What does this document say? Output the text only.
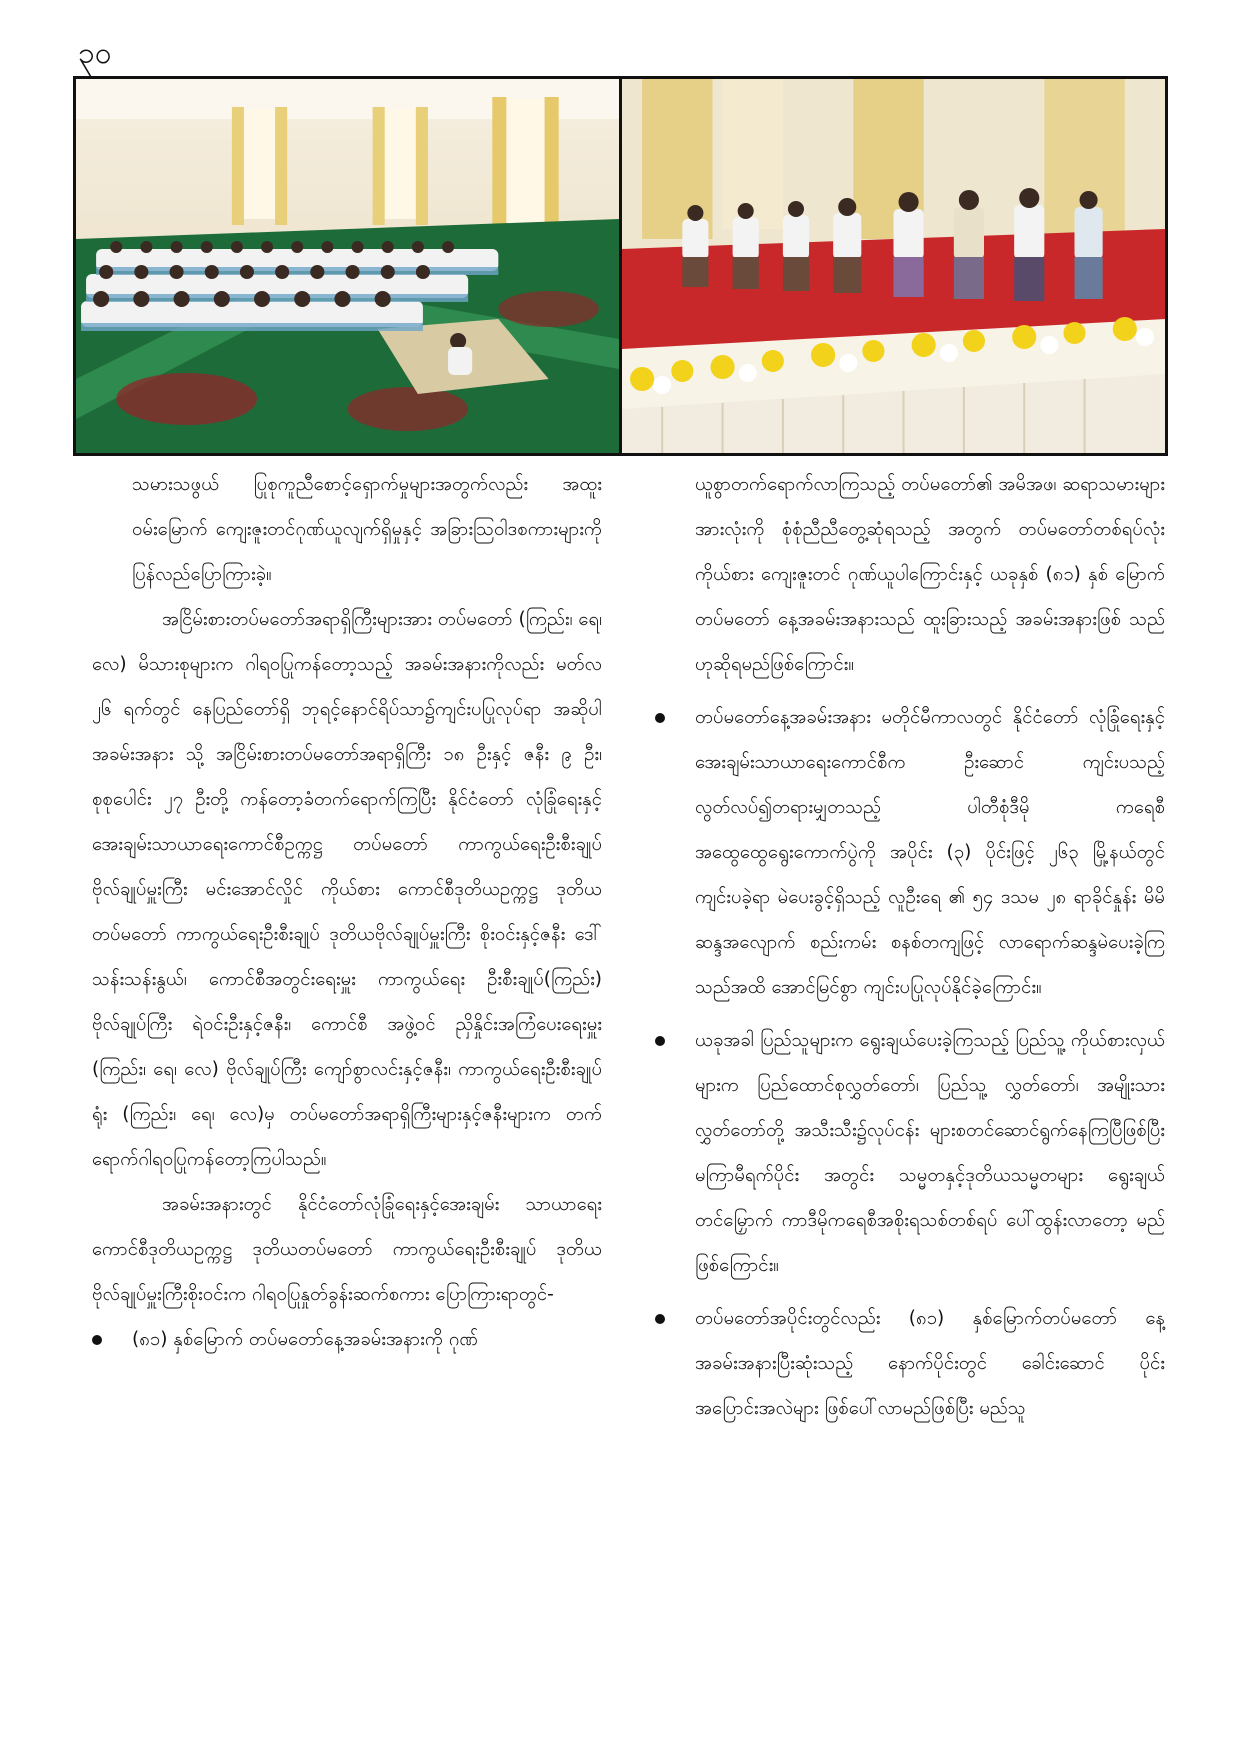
၃၀

သမားသဖွယ် ပြုစုကူညီစောင့်ရှောက်မှုများအတွက်လည်း အထူးဝမ်းမြောက် ကျေးဇူးတင်ဂုဏ်ယူလျက်ရှိမှုနှင့် အခြားသြဝါဒစကားများကို ပြန်လည်ပြောကြားခဲ့။

အငြိမ်းစားတပ်မတော်အရာရှိကြီးများအား တပ်မတော် (ကြည်း၊ ရေ၊ လေ) မိသားစုများက ဂါရဝပြုကန်တော့သည့် အခမ်းအနားကိုလည်း မတ်လ ၂၆ ရက်တွင် နေပြည်တော်ရှိ ဘုရင့်နောင်ရိပ်သာ၌ကျင်းပပြုလုပ်ရာ အဆိုပါအခမ်းအနား သို့ အငြိမ်းစားတပ်မတော်အရာရှိကြီး ၁၈ ဦးနှင့် ဇနီး ၉ ဦး၊ စုစုပေါင်း ၂၇ ဦးတို့ ကန်တော့ခံတက်ရောက်ကြပြီး နိုင်ငံတော် လုံခြုံရေးနှင့်အေးချမ်းသာယာရေးကောင်စီဥက္ကဋ္ဌ တပ်မတော် ကာကွယ်ရေးဦးစီးချုပ် ဗိုလ်ချုပ်မှူးကြီး မင်းအောင်လှိုင် ကိုယ်စား ကောင်စီဒုတိယဥက္ကဋ္ဌ ဒုတိယတပ်မတော် ကာကွယ်ရေးဦးစီးချုပ် ဒုတိယဗိုလ်ချုပ်မှူးကြီး စိုးဝင်းနှင့်ဇနီး ဒေါ်သန်းသန်းနွယ်၊ ကောင်စီအတွင်းရေးမှူး ကာကွယ်ရေး ဦးစီးချုပ်(ကြည်း) ဗိုလ်ချုပ်ကြီး ရဲဝင်းဦးနှင့်ဇနီး၊ ကောင်စီ အဖွဲ့ဝင် ညှိနှိုင်းအကြံပေးရေးမှူး (ကြည်း၊ ရေ၊ လေ) ဗိုလ်ချုပ်ကြီး ကျော်စွာလင်းနှင့်ဇနီး၊ ကာကွယ်ရေးဦးစီးချုပ်ရုံး (ကြည်း၊ ရေ၊ လေ)မှ တပ်မတော်အရာရှိကြီးများနှင့်ဇနီးများက တက်ရောက်ဂါရဝပြုကန်တော့ကြပါသည်။

အခမ်းအနားတွင် နိုင်ငံတော်လုံခြုံရေးနှင့်အေးချမ်း သာယာရေးကောင်စီဒုတိယဥက္ကဋ္ဌ ဒုတိယတပ်မတော် ကာကွယ်ရေးဦးစီးချုပ် ဒုတိယဗိုလ်ချုပ်မှူးကြီးစိုးဝင်းက ဂါရဝပြုနှုတ်ခွန်းဆက်စကား ပြောကြားရာတွင်-

(၈၁) နှစ်မြောက် တပ်မတော်နေ့အခမ်းအနားကို ဂုဏ်

ယူစွာတက်ရောက်လာကြသည့် တပ်မတော်၏ အမိအဖ၊ ဆရာသမားများအားလုံးကို စုံစုံညီညီတွေ့ဆုံရသည့် အတွက် တပ်မတော်တစ်ရပ်လုံးကိုယ်စား ကျေးဇူးတင် ဂုဏ်ယူပါကြောင်းနှင့် ယခုနှစ် (၈၁) နှစ် မြောက် တပ်မတော် နေ့အခမ်းအနားသည် ထူးခြားသည့် အခမ်းအနားဖြစ် သည်ဟုဆိုရမည်ဖြစ်ကြောင်း။

တပ်မတော်နေ့အခမ်းအနား မတိုင်မီကာလတွင် နိုင်ငံတော် လုံခြုံရေးနှင့်အေးချမ်းသာယာရေးကောင်စီက ဦးဆောင် ကျင်းပသည့် လွတ်လပ်၍တရားမျှတသည့် ပါတီစုံဒီမို ကရေစီ အထွေထွေရွေးကောက်ပွဲကို အပိုင်း (၃) ပိုင်းဖြင့် ၂၆၃ မြို့နယ်တွင်ကျင်းပခဲ့ရာ မဲပေးခွင့်ရှိသည့် လူဦးရေ ၏ ၅၄ ဒသမ ၂၈ ရာခိုင်နှုန်း မိမိဆန္ဒအလျောက် စည်းကမ်း စနစ်တကျဖြင့် လာရောက်ဆန္ဒမဲပေးခဲ့ကြသည်အထိ အောင်မြင်စွာ ကျင်းပပြုလုပ်နိုင်ခဲ့ကြောင်း။
ယခုအခါ ပြည်သူများက ရွေးချယ်ပေးခဲ့ကြသည့် ပြည်သူ့ ကိုယ်စားလှယ်များက ပြည်ထောင်စုလွှတ်တော်၊ ပြည်သူ့ လွှတ်တော်၊ အမျိုးသားလွှတ်တော်တို့ အသီးသီး၌လုပ်ငန်း များစတင်ဆောင်ရွက်နေကြပြီဖြစ်ပြီး မကြာမီရက်ပိုင်း အတွင်း သမ္မတနှင့်ဒုတိယသမ္မတများ ရွေးချယ်တင်မြှောက် ကာဒီမိုကရေစီအစိုးရသစ်တစ်ရပ် ပေါ်ထွန်းလာတော့ မည်ဖြစ်ကြောင်း။
တပ်မတော်အပိုင်းတွင်လည်း (၈၁) နှစ်မြောက်တပ်မတော် နေ့အခမ်းအနားပြီးဆုံးသည့် နောက်ပိုင်းတွင် ခေါင်းဆောင် ပိုင်းအပြောင်းအလဲများ ဖြစ်ပေါ်လာမည်ဖြစ်ပြီး မည်သူ
